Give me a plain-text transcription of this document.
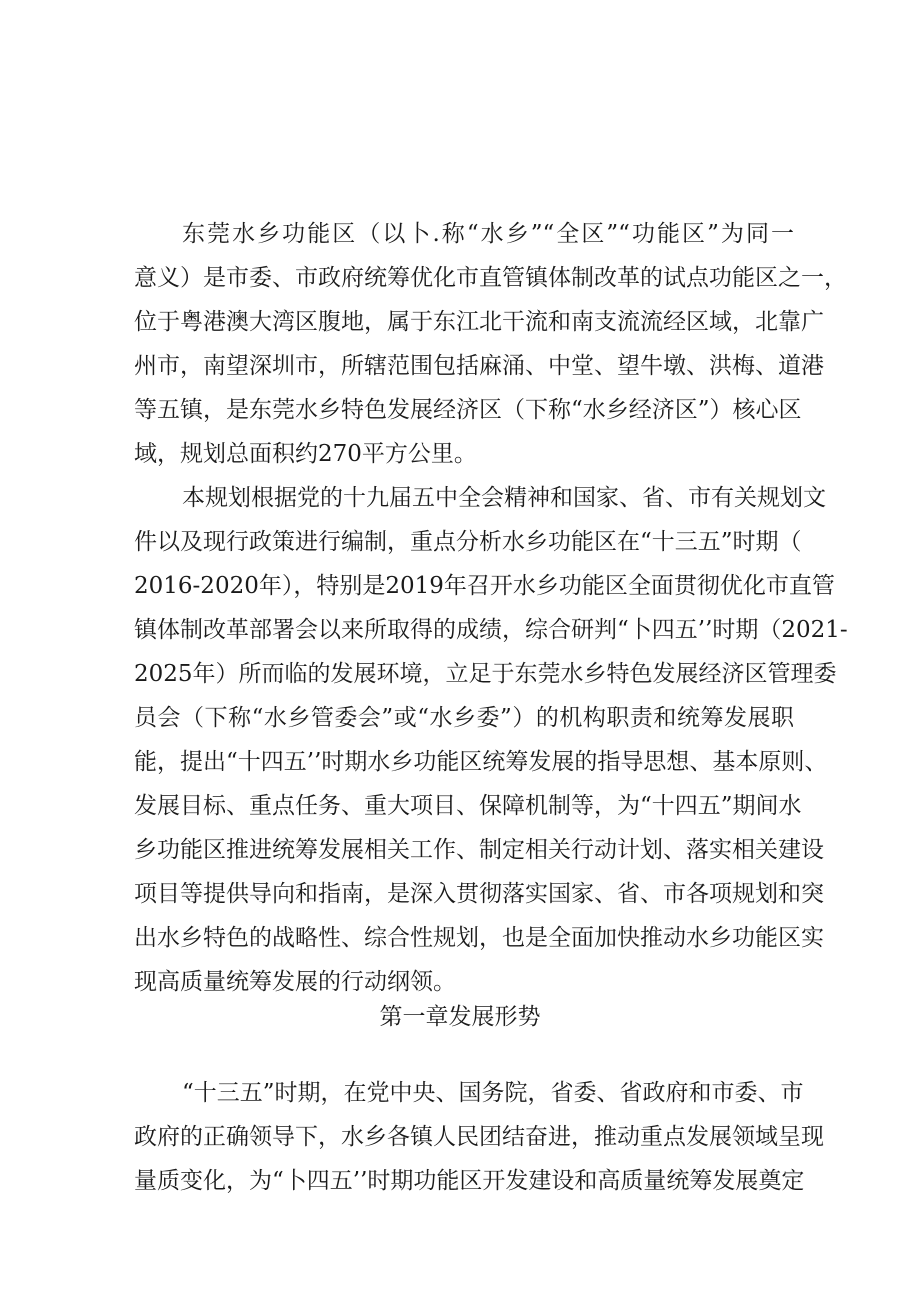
东莞水乡功能区（以卜.称“水乡”“全区”“功能区”为同一
意义）是市委、市政府统筹优化市直管镇体制改革的试点功能区之一，
位于粤港澳大湾区腹地，属于东江北干流和南支流流经区域，北靠广
州市，南望深圳市，所辖范围包括麻涌、中堂、望牛墩、洪梅、道港
等五镇，是东莞水乡特色发展经济区（下称“水乡经济区”）核心区
域，规划总面积约270平方公里。
本规划根据党的十九届五中全会精神和国家、省、市有关规划文
件以及现行政策进行编制，重点分析水乡功能区在“十三五”时期（
2016-2020年），特别是2019年召开水乡功能区全面贯彻优化市直管
镇体制改革部署会以来所取得的成绩，综合研判“卜四五’’时期（2021-
2025年）所而临的发展环境，立足于东莞水乡特色发展经济区管理委
员会（下称“水乡管委会”或“水乡委”）的机构职责和统筹发展职
能，提出“十四五’’时期水乡功能区统筹发展的指导思想、基本原则、
发展目标、重点任务、重大项目、保障机制等，为“十四五”期间水
乡功能区推进统筹发展相关工作、制定相关行动计划、落实相关建设
项目等提供导向和指南，是深入贯彻落实国家、省、市各项规划和突
出水乡特色的战略性、综合性规划，也是全面加快推动水乡功能区实
现高质量统筹发展的行动纲领。
第一章发展形势
“十三五”时期，在党中央、国务院，省委、省政府和市委、市
政府的正确领导下，水乡各镇人民团结奋进，推动重点发展领域呈现
量质变化，为“卜四五’’时期功能区开发建设和高质量统筹发展奠定
